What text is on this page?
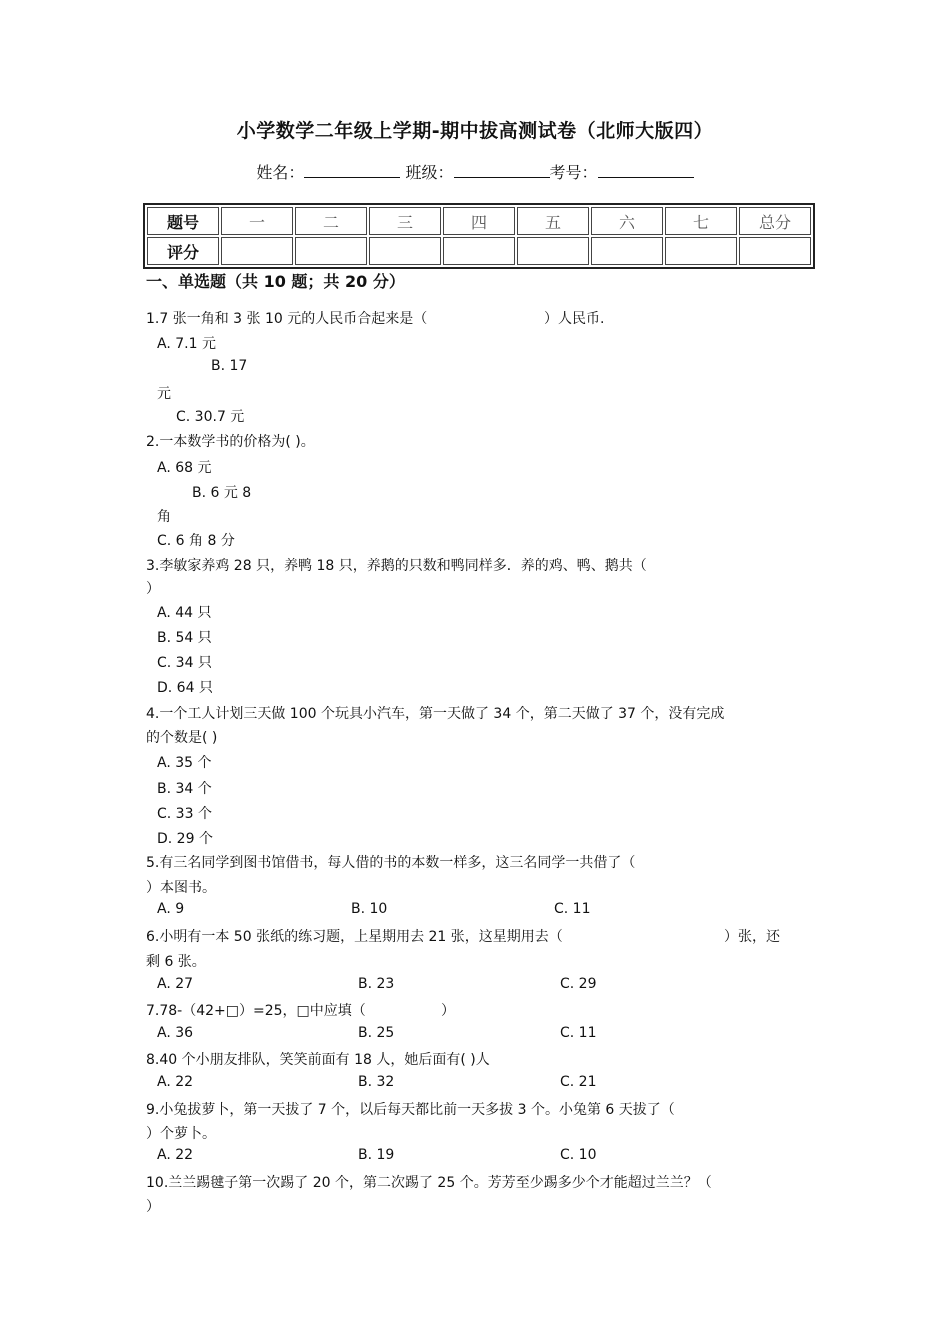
小学数学二年级上学期-期中拔高测试卷（北师大版四）
姓名：	班级：	考号：
题号	一	二	三	四	五	六	七	总分
评分								
一、单选题（共 10 题；共 20 分）
1.7 张一角和 3 张 10 元的人民币合起来是（	）人民币.
A. 7.1 元
B. 17
元
C. 30.7 元
2.一本数学书的价格为( )。
A. 68 元
B. 6 元 8
角
C. 6 角 8 分
3.李敏家养鸡 28 只，养鸭 18 只，养鹅的只数和鸭同样多．养的鸡、鸭、鹅共（
）
A. 44 只
B. 54 只
C. 34 只
D. 64 只
4.一个工人计划三天做 100 个玩具小汽车，第一天做了 34 个，第二天做了 37 个，没有完成
的个数是( )
A. 35 个
B. 34 个
C. 33 个
D. 29 个
5.有三名同学到图书馆借书，每人借的书的本数一样多，这三名同学一共借了（
）本图书。
A. 9	B. 10	C. 11
6.小明有一本 50 张纸的练习题，上星期用去 21 张，这星期用去（	）张，还
剩 6 张。
A. 27	B. 23	C. 29
7.78-（42+□）=25，□中应填（	）
A. 36	B. 25	C. 11
8.40 个小朋友排队，笑笑前面有 18 人，她后面有( )人
A. 22	B. 32	C. 21
9.小兔拔萝卜，第一天拔了 7 个，以后每天都比前一天多拔 3 个。小兔第 6 天拔了（
）个萝卜。
A. 22	B. 19	C. 10
10.兰兰踢毽子第一次踢了 20 个，第二次踢了 25 个。芳芳至少踢多少个才能超过兰兰？（
）
